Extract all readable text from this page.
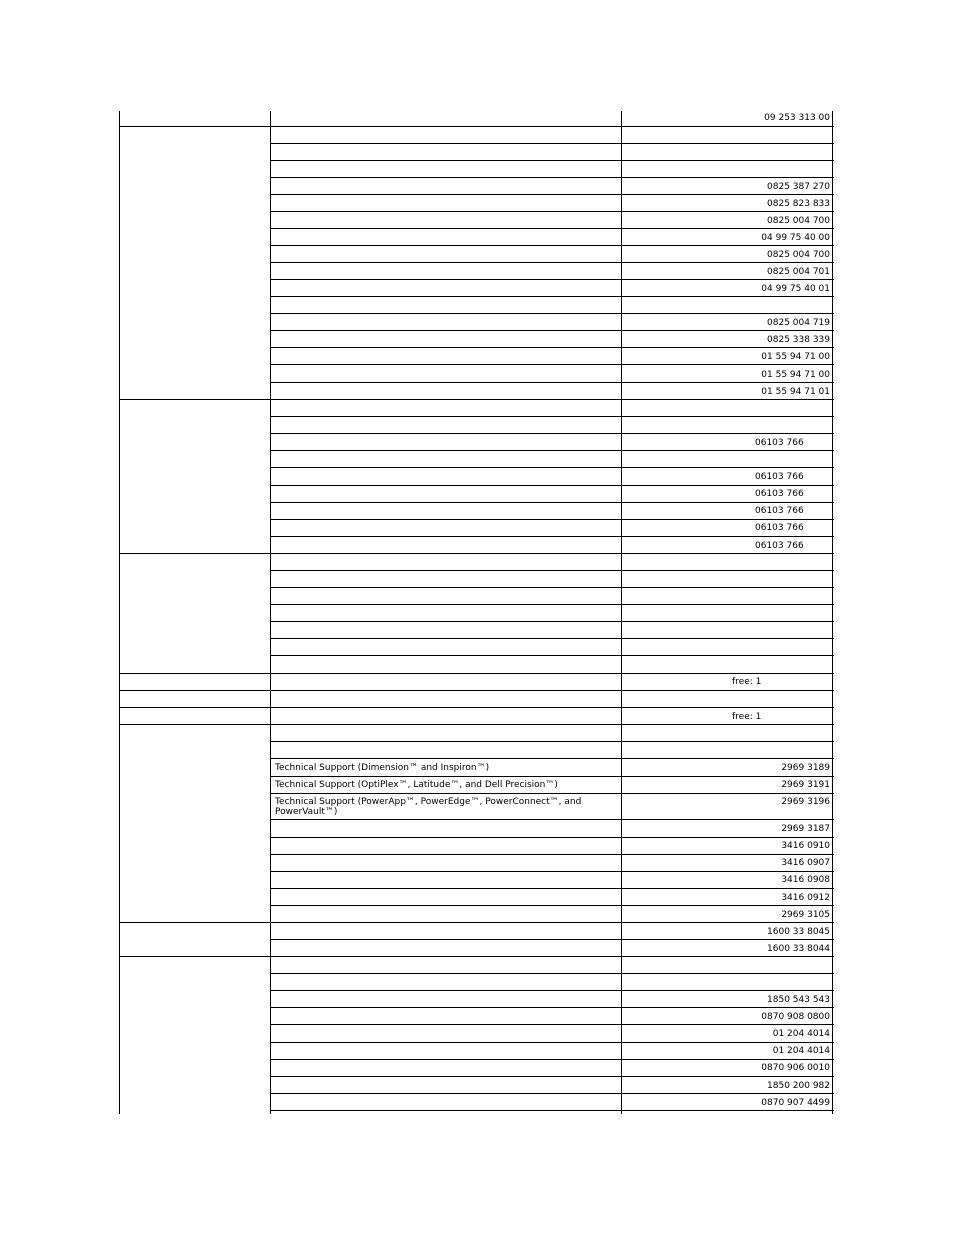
09 253 313 00
0825 387 270
0825 823 833
0825 004 700
04 99 75 40 00
0825 004 700
0825 004 701
04 99 75 40 01
0825 004 719
0825 338 339
01 55 94 71 00
01 55 94 71 00
01 55 94 71 01
06103 766
06103 766
06103 766
06103 766
06103 766
06103 766
free: 1
free: 1
2969 3189
2969 3191
2969 3196
2969 3187
3416 0910
3416 0907
3416 0908
3416 0912
2969 3105
1600 33 8045
1600 33 8044
1850 543 543
0870 908 0800
01 204 4014
01 204 4014
0870 906 0010
1850 200 982
0870 907 4499
Technical Support (Dimension™ and Inspiron™)
Technical Support (OptiPlex™, Latitude™, and Dell Precision™)
Technical Support (PowerApp™, PowerEdge™, PowerConnect™, and PowerVault™)
